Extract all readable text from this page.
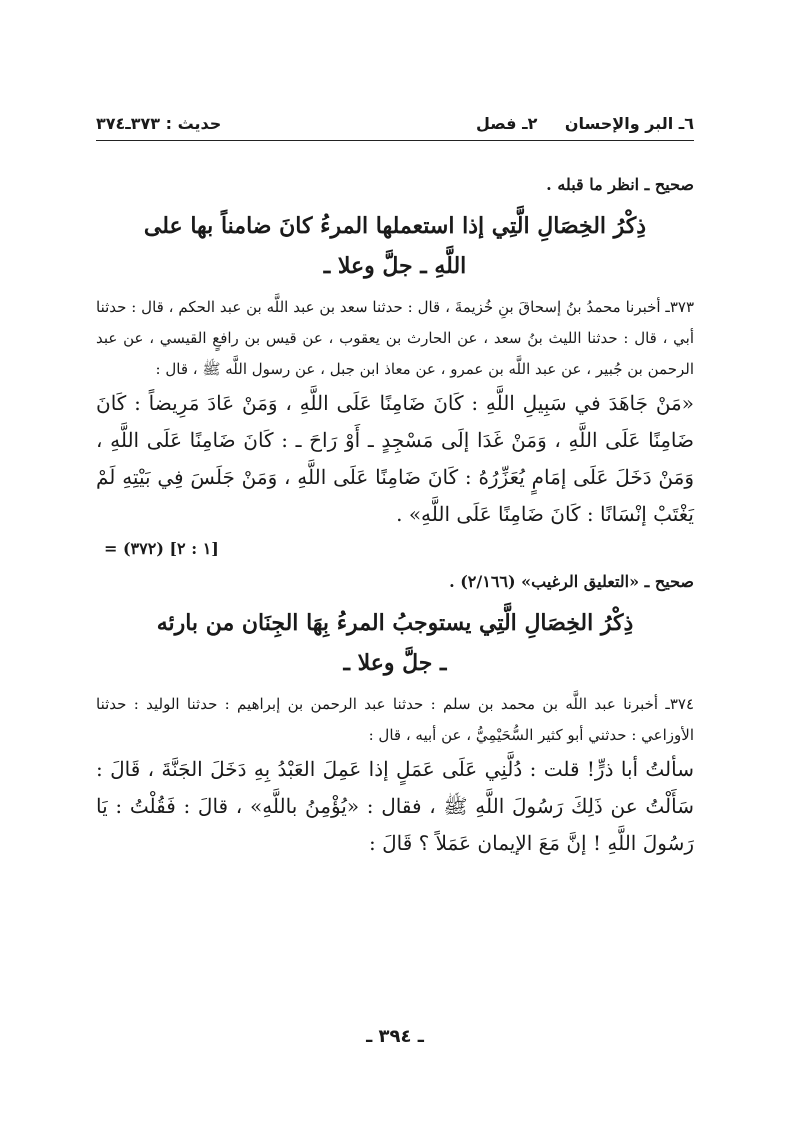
حديث : ٣٧٣ـ٣٧٤	٢ـ فصل ٦ـ البر والإحسان

صحيح ـ انظر ما قبله .

ذِكْرُ الخِصَالِ الَّتِي إذا استعملها المرءُ كانَ ضامناً بها على
اللَّهِ ـ جلَّ وعلا ـ

٣٧٣ـ أخبرنا محمدُ بنُ إسحاقَ بنِ خُزيمةَ ، قال : حدثنا سعد بن عبد اللَّه بن عبد الحكم ، قال : حدثنا أبي ، قال : حدثنا الليث بنُ سعد ، عن الحارث بن يعقوب ، عن قيس بن رافعٍ القيسي ، عن عبد الرحمن بن جُبير ، عن عبد اللَّه بن عمرو ، عن معاذ ابن جبل ، عن رسول اللَّه ﷺ ، قال :

«مَنْ جَاهَدَ في سَبِيلِ اللَّهِ : كَانَ ضَامِنًا عَلَى اللَّهِ ، وَمَنْ عَادَ مَرِيضاً : كَانَ ضَامِنًا عَلَى اللَّهِ ، وَمَنْ غَدَا إلَى مَسْجِدٍ ـ أَوْ رَاحَ ـ : كَانَ ضَامِنًا عَلَى اللَّهِ ، وَمَنْ دَخَلَ عَلَى إمَامٍ يُعَزِّرُهُ : كَانَ ضَامِنًا عَلَى اللَّهِ ، وَمَنْ جَلَسَ فِي بَيْتِهِ لَمْ يَغْتَبْ إنْسَانًا : كَانَ ضَامِنًا عَلَى اللَّهِ» .

= (٣٧٢) [١ : ٢]

صحيح ـ «التعليق الرغيب» (٢/١٦٦) .

ذِكْرُ الخِصَالِ الَّتِي يستوجبُ المرءُ بِهَا الجِنَان من بارئه
ـ جلَّ وعلا ـ

٣٧٤ـ أخبرنا عبد اللَّه بن محمد بن سلم : حدثنا عبد الرحمن بن إبراهيم : حدثنا الوليد : حدثنا الأوزاعي : حدثني أبو كثير السُّحَيْمِيُّ ، عن أبيه ، قال :

سألتُ أبا ذرٍّ! قلت : دُلَّنِي عَلَى عَمَلٍ إذا عَمِلَ العَبْدُ بِهِ دَخَلَ الجَنَّةَ ، قَالَ : سَأَلْتُ عن ذَلِكَ رَسُولَ اللَّهِ ﷺ ، فقال : «يُؤْمِنُ باللَّهِ» ، قالَ : فَقُلْتُ : يَا رَسُولَ اللَّهِ ! إنَّ مَعَ الإيمان عَمَلاً ؟ قَالَ :

ـ ٣٩٤ ـ
